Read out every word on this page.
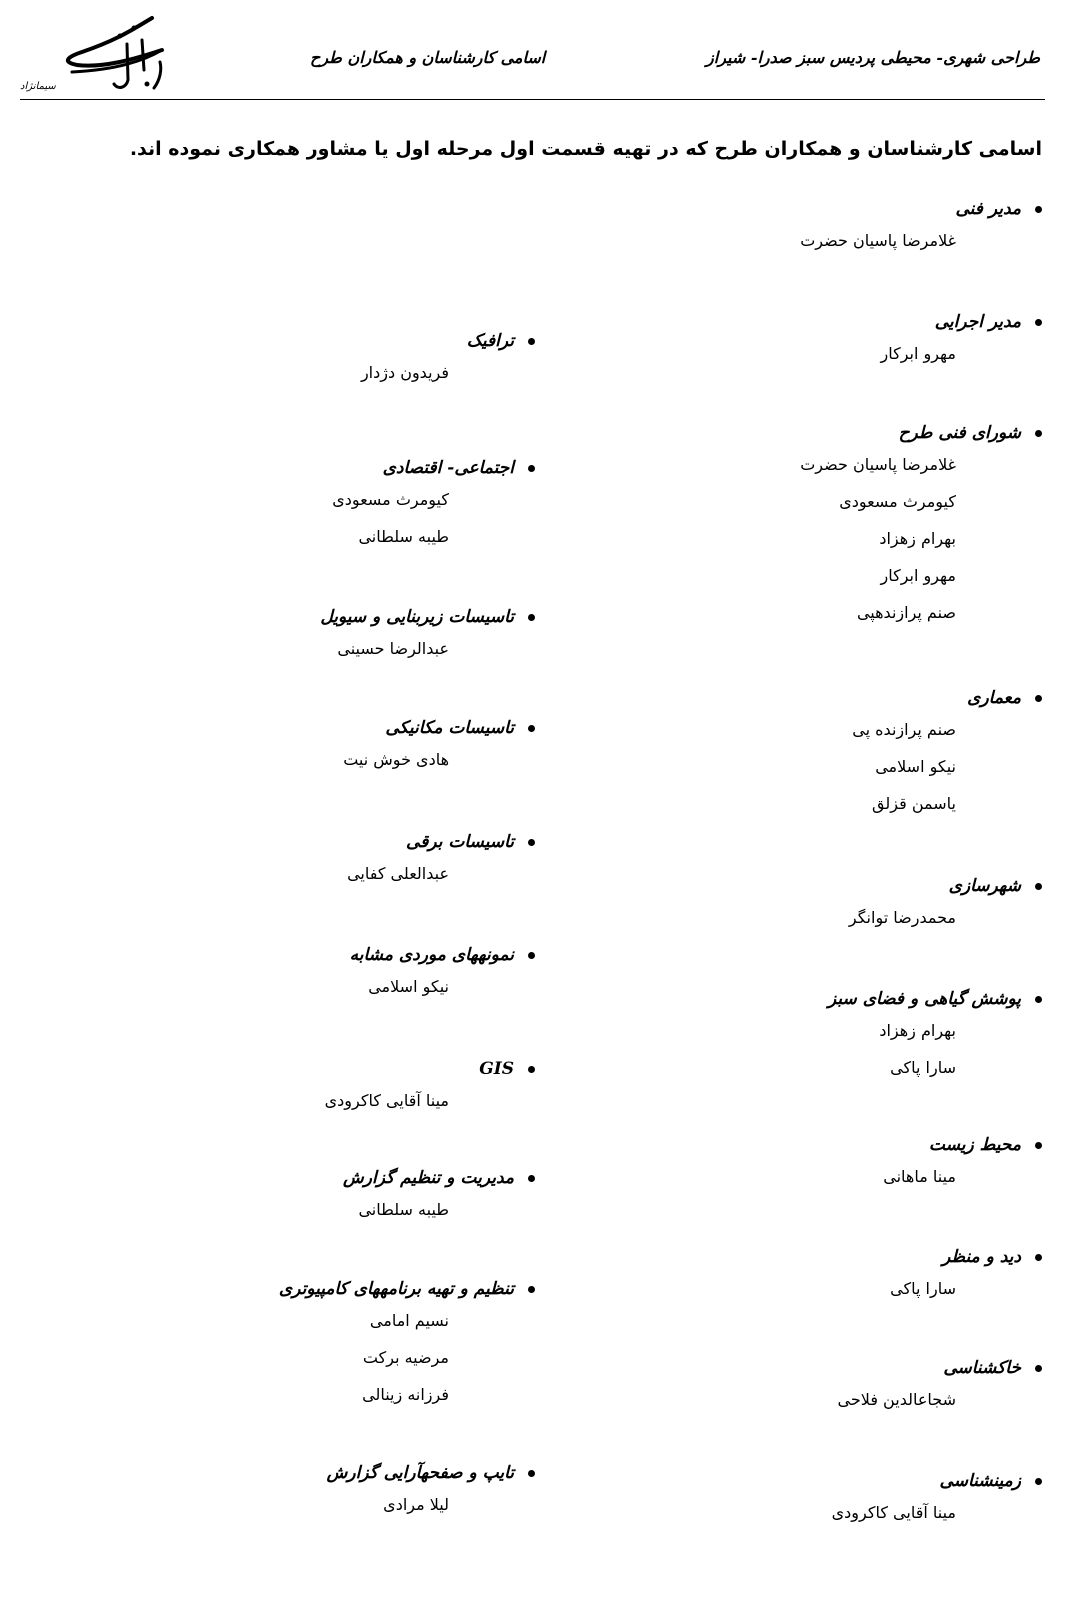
سیمانژاد
طراحی شهری- محیطی پردیس سبز صدرا- شیراز
اسامی کارشناسان و همکاران طرح
اسامی کارشناسان و همکاران طرح که در تهیه قسمت اول مرحله اول یا مشاور همکاری نموده اند.
مدیر فنی
غلامرضا پاسیان حضرت
مدیر اجرایی
مهرو ابرکار
شورای فنی طرح
غلامرضا پاسیان حضرت
کیومرث مسعودی
بهرام زهزاد
مهرو ابرکار
صنم پرازندهپی
معماری
صنم پرازنده پی
نیکو اسلامی
یاسمن قزلق
شهرسازی
محمدرضا توانگر
پوشش گیاهی و فضای سبز
بهرام زهزاد
سارا پاکی
محیط زیست
مینا ماهانی
دید و منظر
سارا پاکی
خاکشناسی
شجاعالدین فلاحی
زمینشناسی
مینا آقایی کاکرودی
ترافیک
فریدون دژدار
اجتماعی- اقتصادی
کیومرث مسعودی
طیبه سلطانی
تاسیسات زیربنایی و سیویل
عبدالرضا حسینی
تاسیسات مکانیکی
هادی خوش نیت
تاسیسات برقی
عبدالعلی کفایی
نمونههای موردی مشابه
نیکو اسلامی
GIS
مینا آقایی کاکرودی
مدیریت و تنظیم گزارش
طیبه سلطانی
تنظیم و تهیه برنامههای کامپیوتری
نسیم امامی
مرضیه برکت
فرزانه زینالی
تایپ و صفحهآرایی گزارش
لیلا مرادی
